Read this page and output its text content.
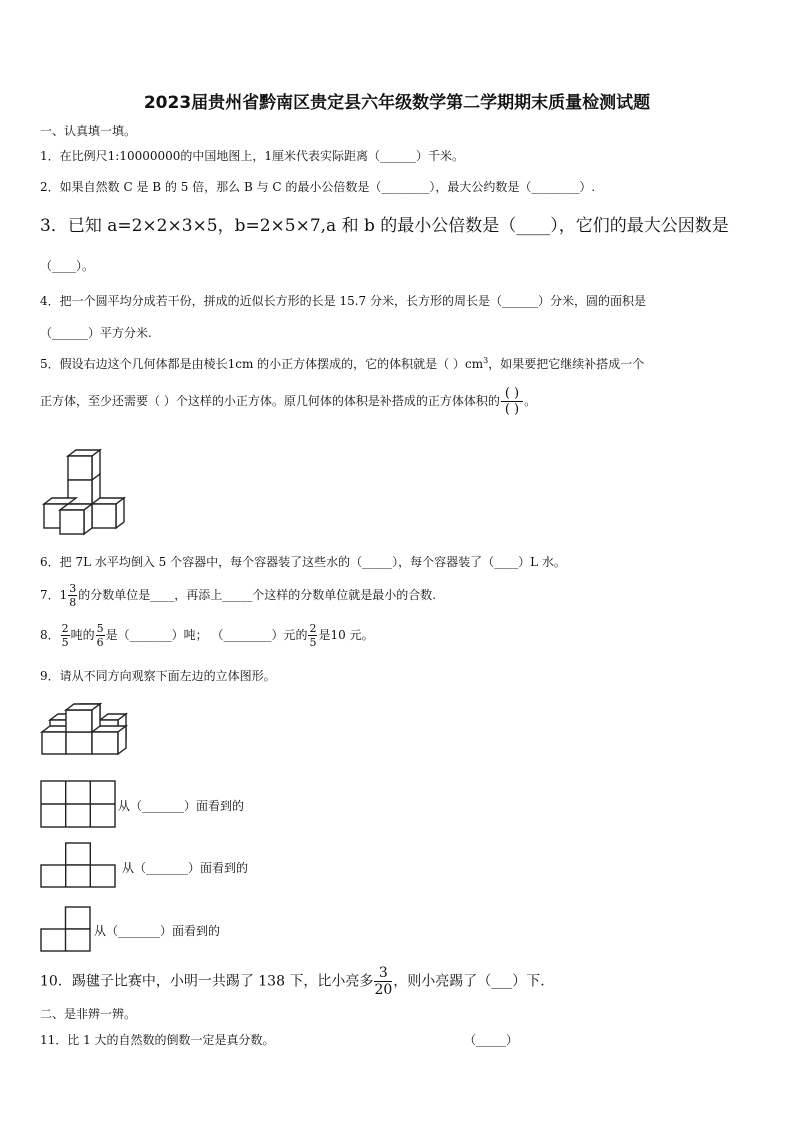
2023届贵州省黔南区贵定县六年级数学第二学期期末质量检测试题
一、认真填一填。
1．在比例尺1:10000000的中国地图上，1厘米代表实际距离（______）千米。
2．如果自然数 C 是 B 的 5 倍，那么 B 与 C 的最小公倍数是（________），最大公约数是（________）.
3．已知 a=2×2×3×5，b=2×5×7,a 和 b 的最小公倍数是（____），它们的最大公因数是
（____）。
4．把一个圆平均分成若干份，拼成的近似长方形的长是 15.7 分米，长方形的周长是（______）分米，圆的面积是
（______）平方分米.
5．假设右边这个几何体都是由棱长1cm 的小正方体摆成的，它的体积就是（ ）$cm^3$，如果要把它继续补搭成一个
正方体，至少还需要（ ）个这样的小正方体。原几何体的体积是补搭成的正方体体积的 $\frac{( )}{( )}$ 。
6．把 7L 水平均倒入 5 个容器中，每个容器装了这些水的（_____），每个容器装了（____）L 水。
7．$1 \frac{3}{8}$ 的分数单位是____，再添上_____个这样的分数单位就是最小的合数.
8． $\frac{2}{5}$ 吨的 $\frac{5}{6}$ 是（_______）吨； （________）元的 $\frac{2}{5}$ 是10 元。
9．请从不同方向观察下面左边的立体图形。
从（_______）面看到的
从（_______）面看到的
从（_______）面看到的
10．踢毽子比赛中，小明一共踢了 138 下，比小亮多 $\frac{3}{20}$ ，则小亮踢了（___）下.
二、是非辨一辨。
11．比 1 大的自然数的倒数一定是真分数。	（_____）
